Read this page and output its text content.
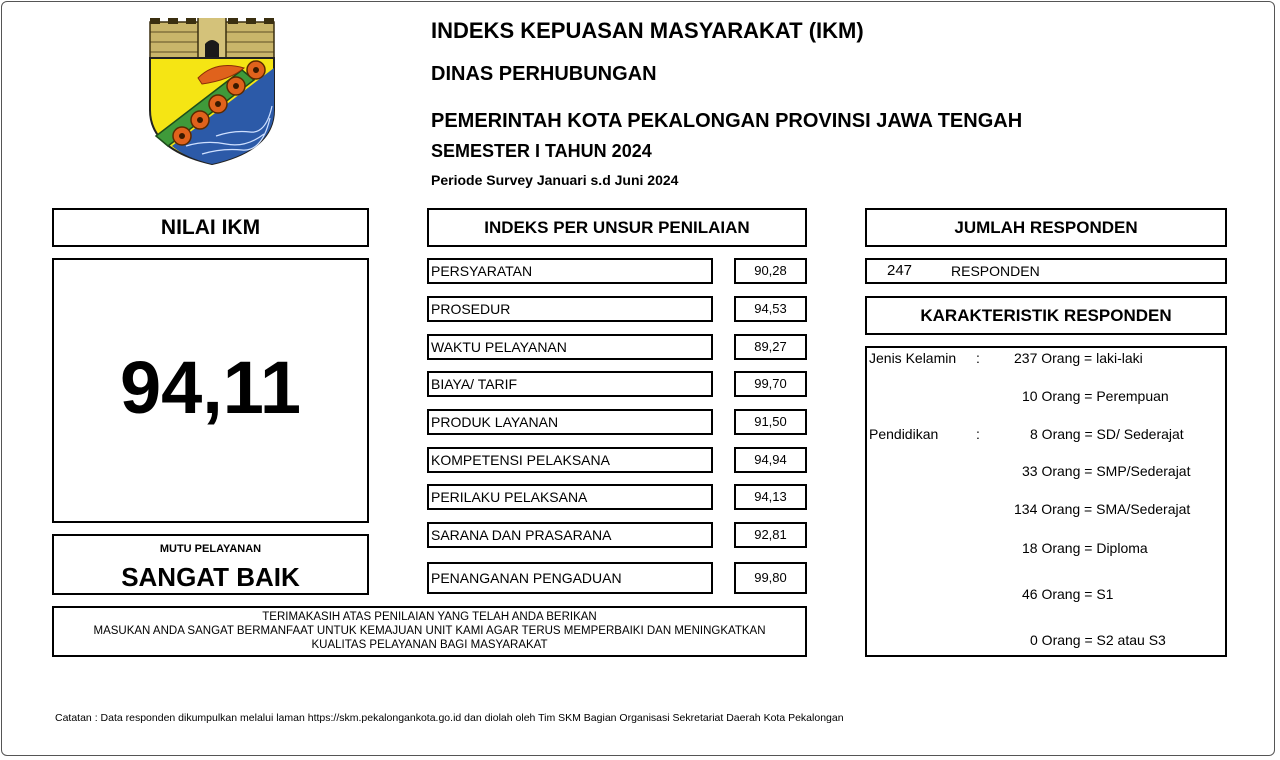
INDEKS KEPUASAN MASYARAKAT (IKM)
DINAS PERHUBUNGAN
PEMERINTAH KOTA PEKALONGAN PROVINSI JAWA TENGAH
SEMESTER I TAHUN 2024
Periode Survey Januari s.d Juni 2024
NILAI IKM
94,11
MUTU PELAYANAN
SANGAT BAIK
INDEKS PER UNSUR PENILAIAN
PERSYARATAN	90,28
PROSEDUR	94,53
WAKTU PELAYANAN	89,27
BIAYA/ TARIF	99,70
PRODUK LAYANAN	91,50
KOMPETENSI PELAKSANA	94,94
PERILAKU PELAKSANA	94,13
SARANA DAN PRASARANA	92,81
PENANGANAN PENGADUAN	99,80
TERIMAKASIH ATAS PENILAIAN YANG TELAH ANDA BERIKAN
MASUKAN ANDA SANGAT BERMANFAAT UNTUK KEMAJUAN UNIT KAMI AGAR TERUS MEMPERBAIKI DAN MENINGKATKAN
KUALITAS PELAYANAN BAGI MASYARAKAT
JUMLAH RESPONDEN
247	RESPONDEN
KARAKTERISTIK RESPONDEN
Jenis Kelamin : 237 Orang = laki-laki
10 Orang = Perempuan
Pendidikan	:	8 Orang = SD/ Sederajat
33 Orang = SMP/Sederajat
134 Orang = SMA/Sederajat
18 Orang = Diploma
46 Orang = S1
0 Orang = S2 atau S3
Catatan : Data responden dikumpulkan melalui laman https://skm.pekalongankota.go.id dan diolah oleh Tim SKM Bagian Organisasi Sekretariat Daerah Kota Pekalongan
